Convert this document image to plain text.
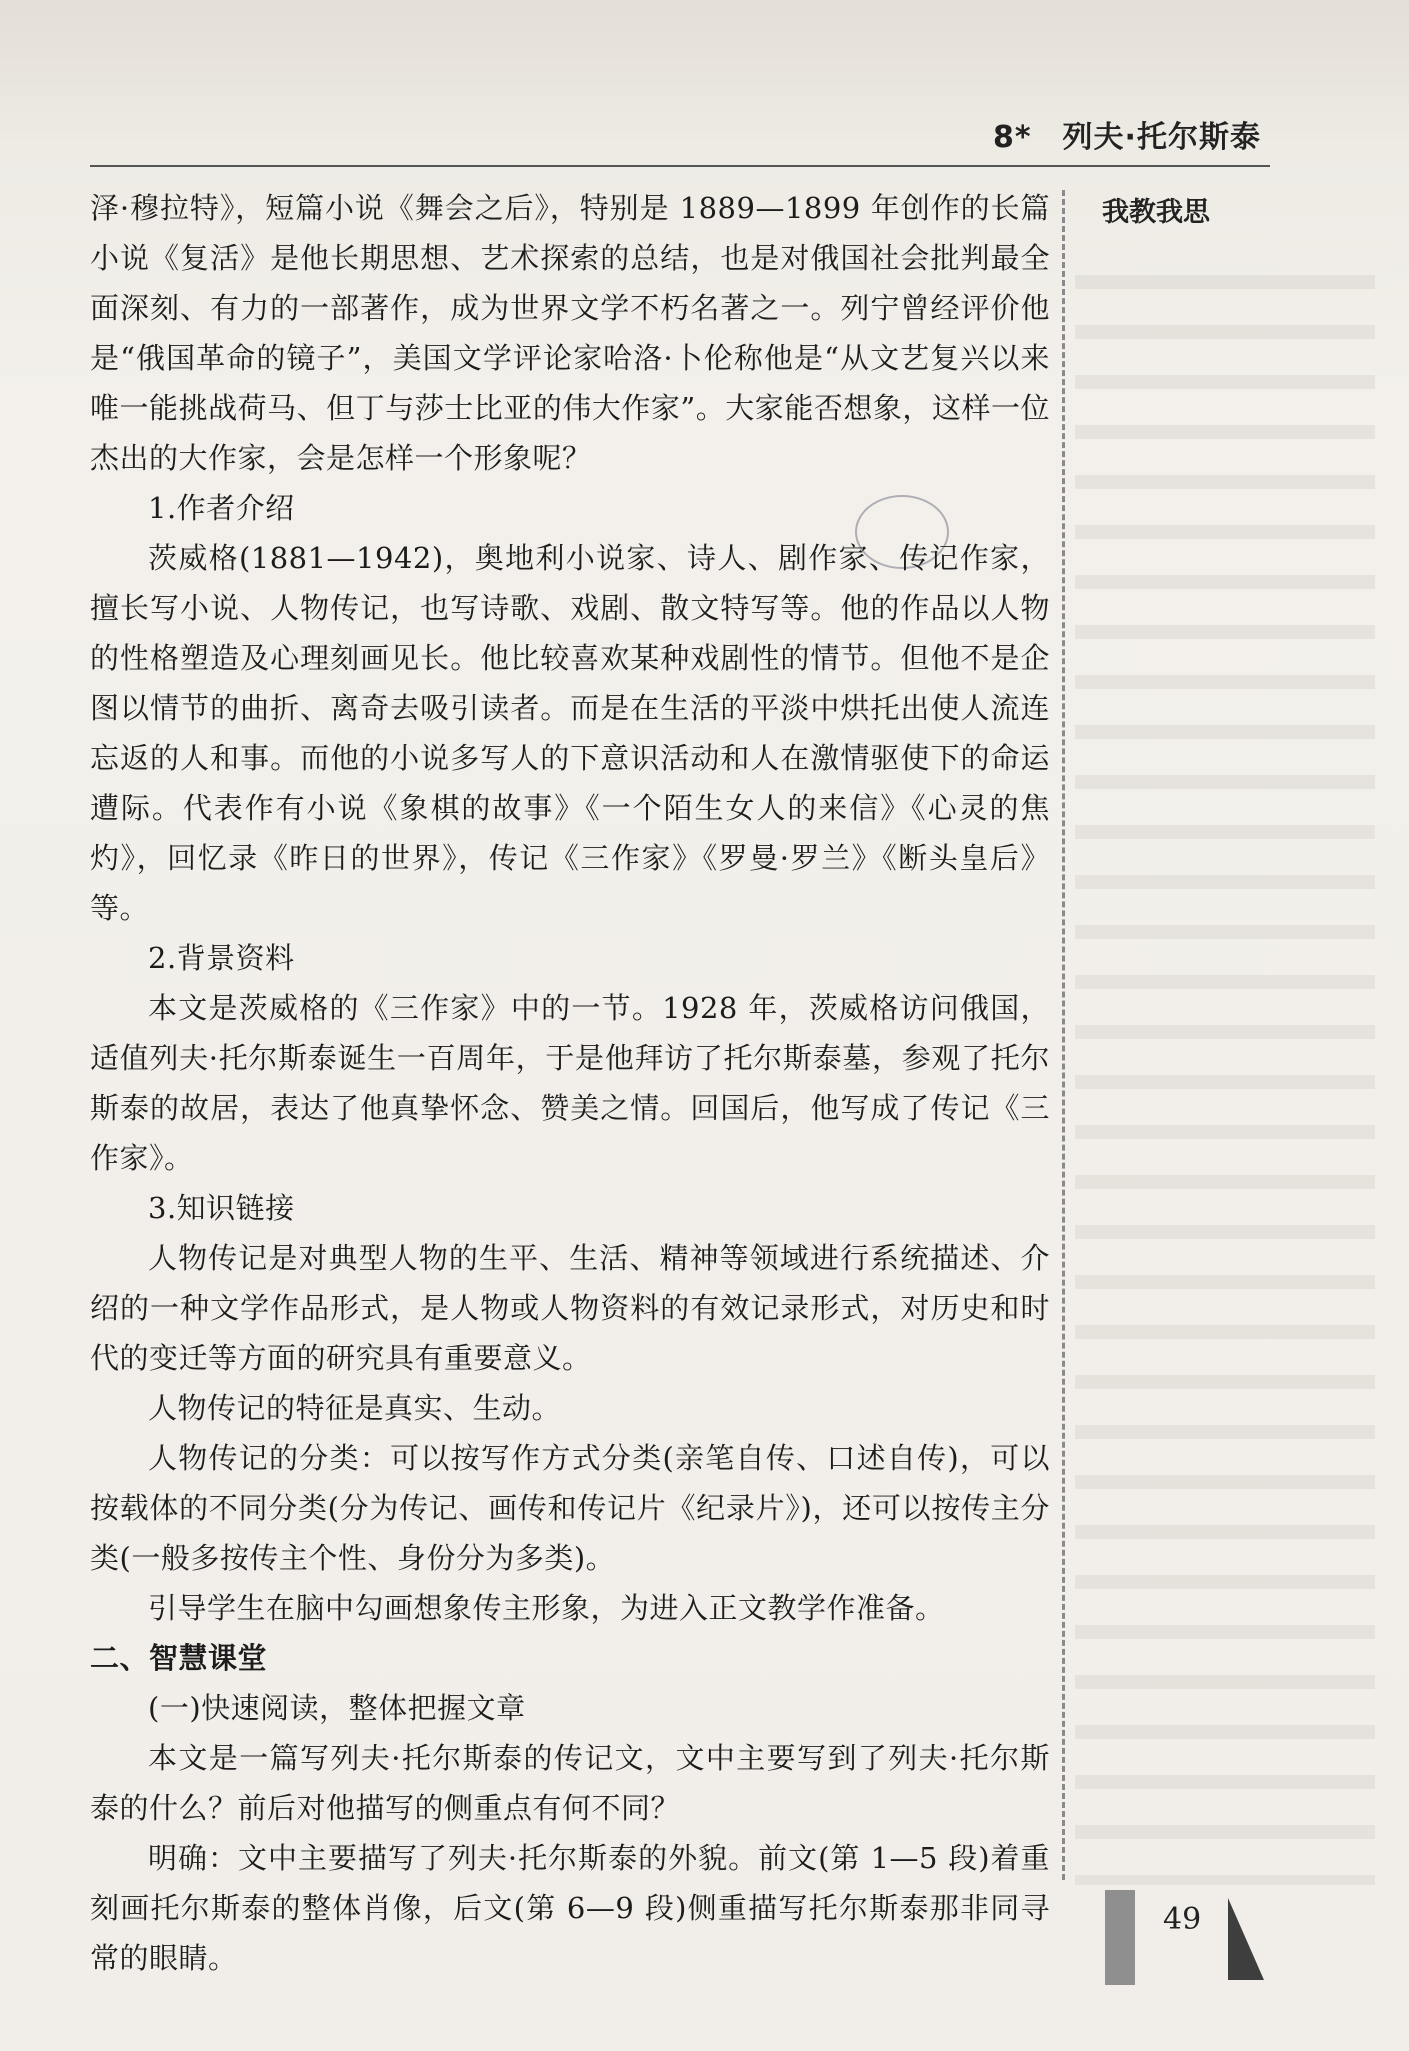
8*　列夫·托尔斯泰
我教我思

泽·穆拉特》，短篇小说《舞会之后》，特别是 1889—1899 年创作的长篇小说《复活》是他长期思想、艺术探索的总结，也是对俄国社会批判最全面深刻、有力的一部著作，成为世界文学不朽名著之一。列宁曾经评价他是“俄国革命的镜子”，美国文学评论家哈洛·卜伦称他是“从文艺复兴以来唯一能挑战荷马、但丁与莎士比亚的伟大作家”。大家能否想象，这样一位杰出的大作家，会是怎样一个形象呢？

1.作者介绍

茨威格(1881—1942)，奥地利小说家、诗人、剧作家、传记作家，擅长写小说、人物传记，也写诗歌、戏剧、散文特写等。他的作品以人物的性格塑造及心理刻画见长。他比较喜欢某种戏剧性的情节。但他不是企图以情节的曲折、离奇去吸引读者。而是在生活的平淡中烘托出使人流连忘返的人和事。而他的小说多写人的下意识活动和人在激情驱使下的命运遭际。代表作有小说《象棋的故事》《一个陌生女人的来信》《心灵的焦灼》，回忆录《昨日的世界》，传记《三作家》《罗曼·罗兰》《断头皇后》等。

2.背景资料

本文是茨威格的《三作家》中的一节。1928 年，茨威格访问俄国，适值列夫·托尔斯泰诞生一百周年，于是他拜访了托尔斯泰墓，参观了托尔斯泰的故居，表达了他真挚怀念、赞美之情。回国后，他写成了传记《三作家》。

3.知识链接

人物传记是对典型人物的生平、生活、精神等领域进行系统描述、介绍的一种文学作品形式，是人物或人物资料的有效记录形式，对历史和时代的变迁等方面的研究具有重要意义。

人物传记的特征是真实、生动。

人物传记的分类：可以按写作方式分类(亲笔自传、口述自传)，可以按载体的不同分类(分为传记、画传和传记片《纪录片》)，还可以按传主分类(一般多按传主个性、身份分为多类)。

引导学生在脑中勾画想象传主形象，为进入正文教学作准备。

二、智慧课堂

(一)快速阅读，整体把握文章

本文是一篇写列夫·托尔斯泰的传记文，文中主要写到了列夫·托尔斯泰的什么？前后对他描写的侧重点有何不同？

明确：文中主要描写了列夫·托尔斯泰的外貌。前文(第 1—5 段)着重刻画托尔斯泰的整体肖像，后文(第 6—9 段)侧重描写托尔斯泰那非同寻常的眼睛。

49
